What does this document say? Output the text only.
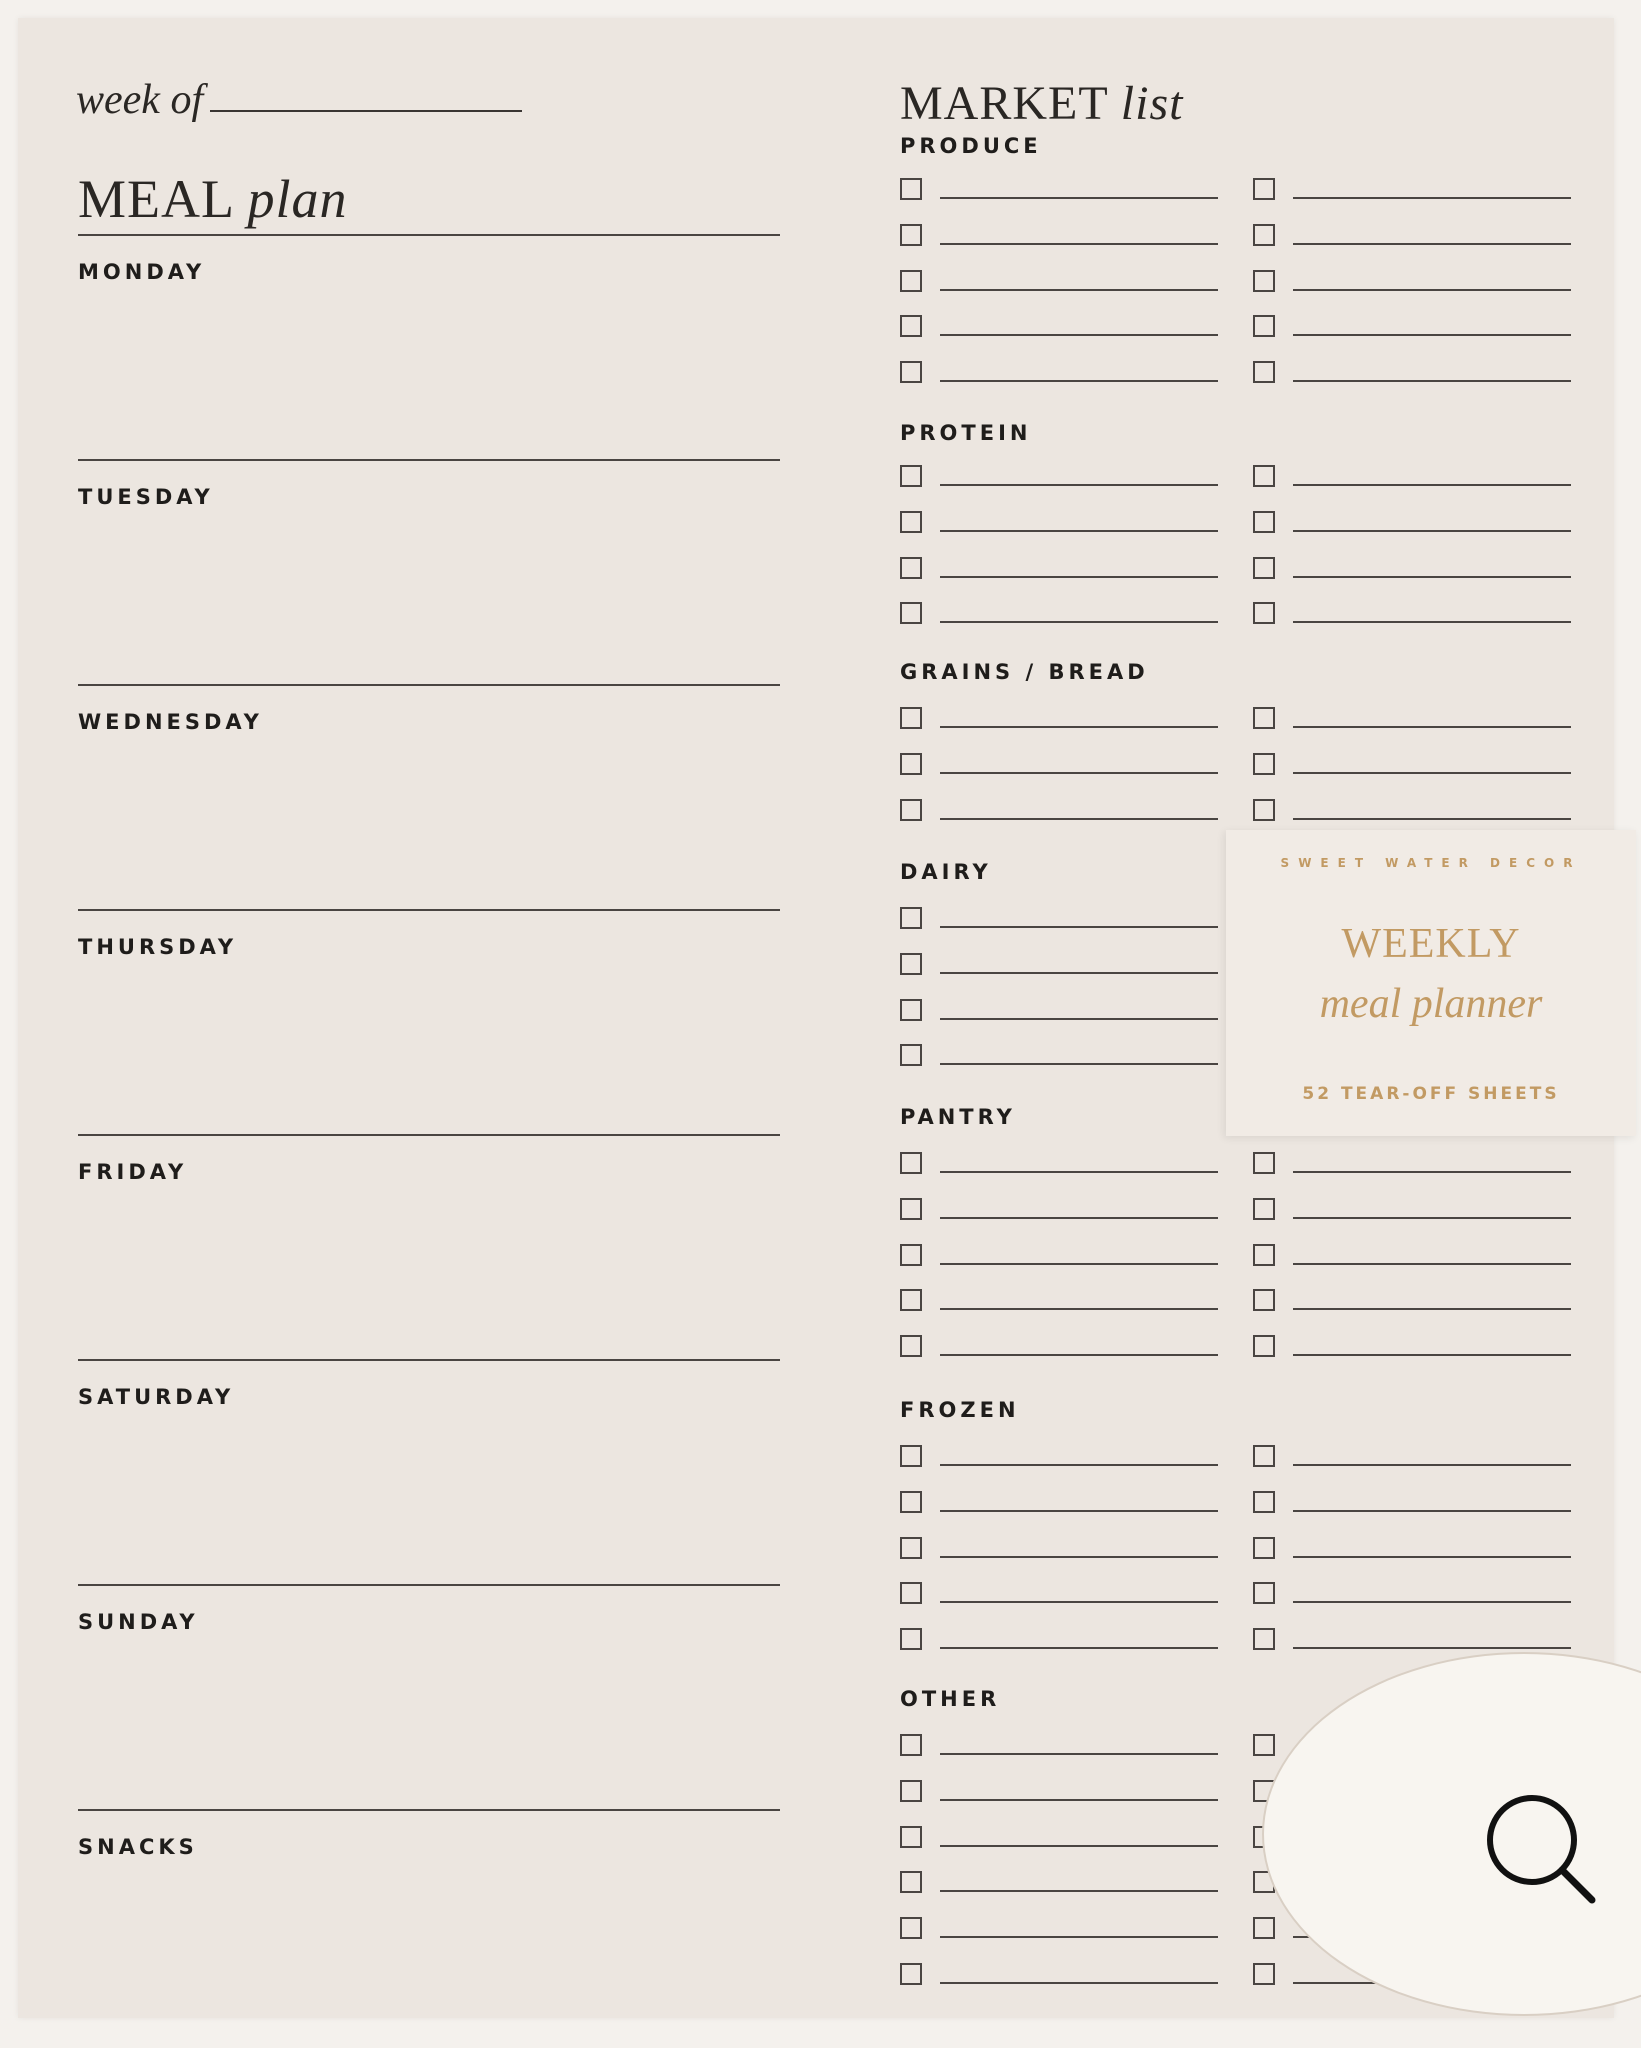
week of
MEAL plan
MONDAY
TUESDAY
WEDNESDAY
THURSDAY
FRIDAY
SATURDAY
SUNDAY
SNACKS
MARKET list
PRODUCE
PROTEIN
GRAINS / BREAD
DAIRY
PANTRY
FROZEN
OTHER
SWEET WATER DECOR
WEEKLY
meal planner
52 TEAR-OFF SHEETS
